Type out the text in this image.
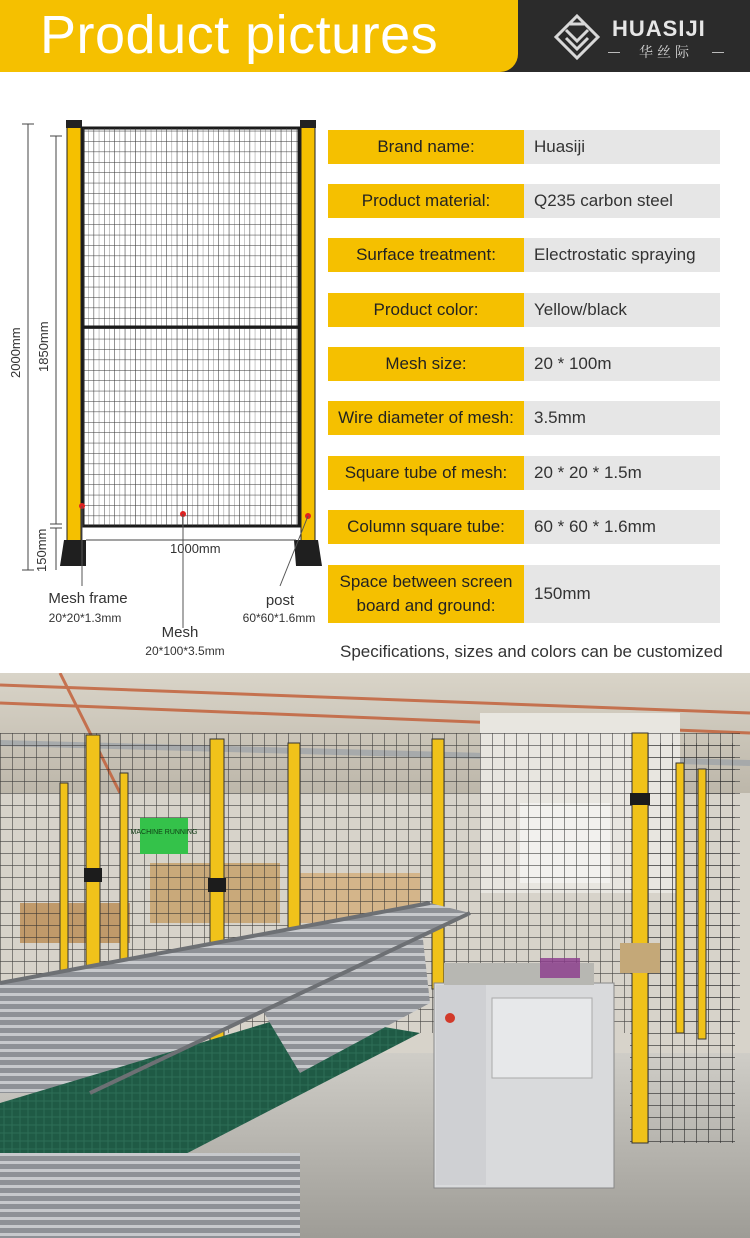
Product pictures	HUASIJI
华丝际
2000mm 1850mm
150mm	1000mm
Mesh frame
20*20*1.3mm
Mesh
20*100*3.5mm
post
60*60*1.6mm
Brand name:	Huasiji
Product material:	Q235 carbon steel
Surface treatment:	Electrostatic spraying
Product color:	Yellow/black
Mesh size:	20 * 100m
Wire diameter of mesh:	3.5mm
Square tube of mesh:	20 * 20 * 1.5m
Column square tube:	60 * 60 * 1.6mm
Space between screen board and ground:
150mm
Specifications, sizes and colors can be customized
MACHINE RUNNING
